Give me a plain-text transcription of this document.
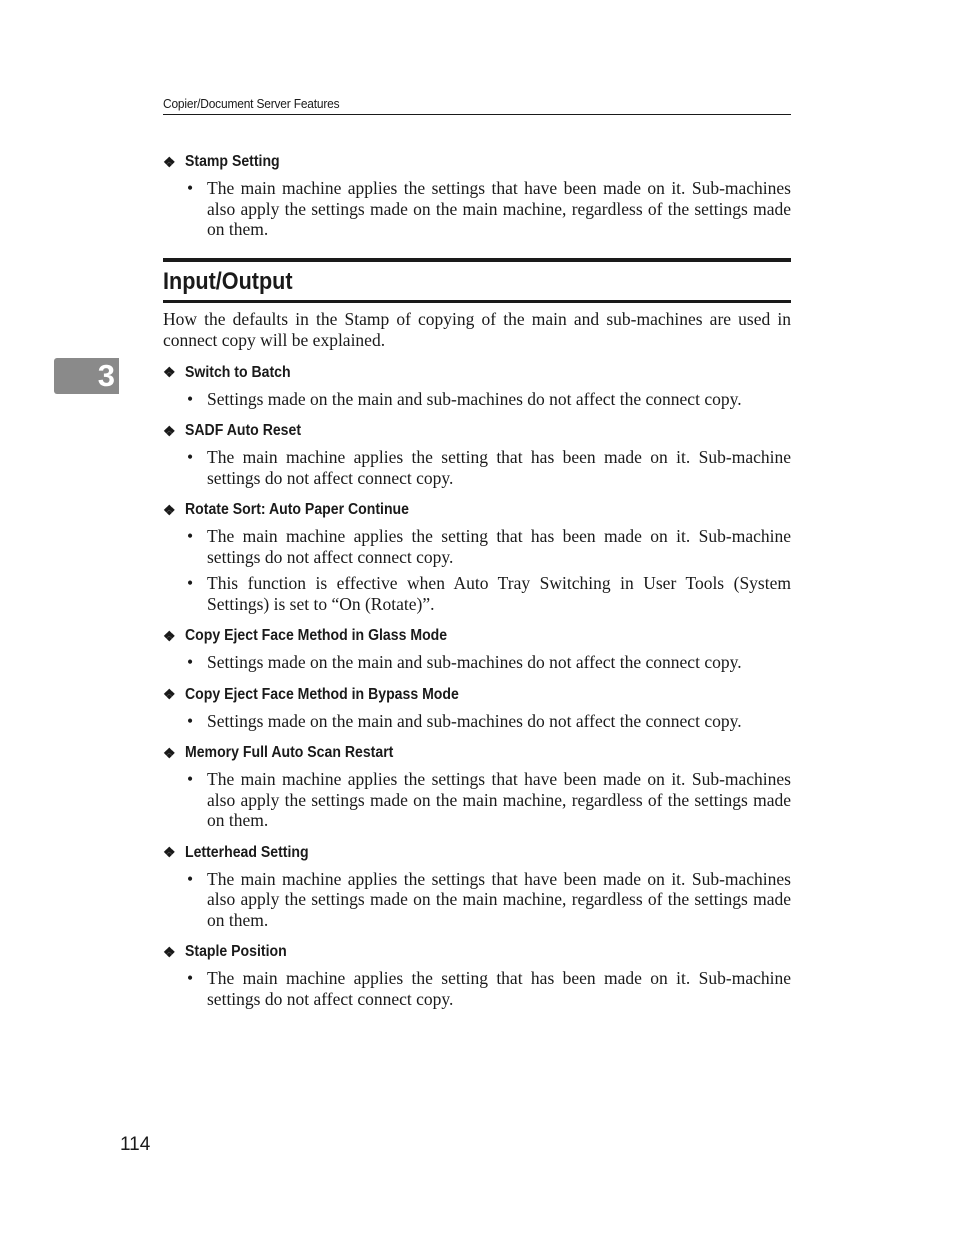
Copier/Document Server Features
3
❖ Stamp Setting
• The main machine applies the settings that have been made on it. Sub-machines also apply the settings made on the main machine, regardless of the settings made on them.
Input/Output
How the defaults in the Stamp of copying of the main and sub-machines are used in connect copy will be explained.
❖ Switch to Batch
• Settings made on the main and sub-machines do not affect the connect copy.
❖ SADF Auto Reset
• The main machine applies the setting that has been made on it. Sub-machine settings do not affect connect copy.
❖ Rotate Sort: Auto Paper Continue
• The main machine applies the setting that has been made on it. Sub-machine settings do not affect connect copy.
• This function is effective when Auto Tray Switching in User Tools (System Settings) is set to “On (Rotate)”.
❖ Copy Eject Face Method in Glass Mode
• Settings made on the main and sub-machines do not affect the connect copy.
❖ Copy Eject Face Method in Bypass Mode
• Settings made on the main and sub-machines do not affect the connect copy.
❖ Memory Full Auto Scan Restart
• The main machine applies the settings that have been made on it. Sub-machines also apply the settings made on the main machine, regardless of the settings made on them.
❖ Letterhead Setting
• The main machine applies the settings that have been made on it. Sub-machines also apply the settings made on the main machine, regardless of the settings made on them.
❖ Staple Position
• The main machine applies the setting that has been made on it. Sub-machine settings do not affect connect copy.
114
